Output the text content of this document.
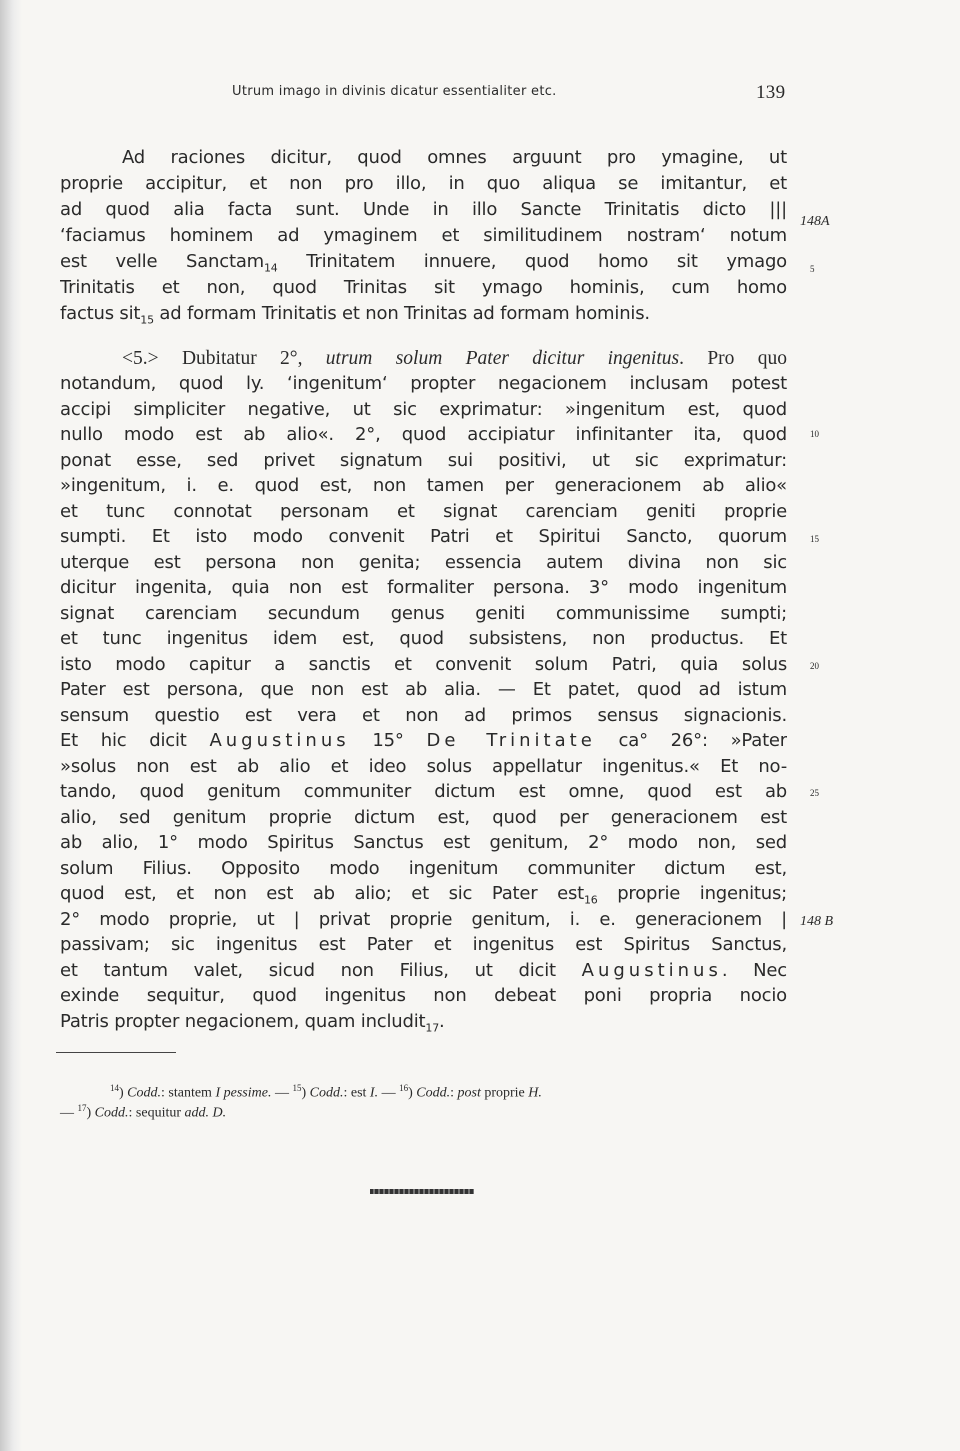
Utrum imago in divinis dicatur essentialiter etc.	139
Ad raciones dicitur, quod omnes arguunt pro ymagine, ut
proprie accipitur, et non pro illo, in quo aliqua se imitantur, et
ad quod alia facta sunt. Unde in illo Sancte Trinitatis dicto |||
‘faciamus hominem ad ymaginem et similitudinem nostram‘ notum
est velle Sanctam$_{14}$ Trinitatem innuere, quod homo sit ymago
Trinitatis et non, quod Trinitas sit ymago hominis, cum homo
factus sit$_{15}$ ad formam Trinitatis et non Trinitas ad formam hominis.
<5.> Dubitatur 2°, utrum solum Pater dicitur ingenitus. Pro quo
notandum, quod ly. ‘ingenitum‘ propter negacionem inclusam potest
accipi simpliciter negative, ut sic exprimatur: »ingenitum est, quod
nullo modo est ab alio«. 2°, quod accipiatur infinitanter ita, quod
ponat esse, sed privet signatum sui positivi, ut sic exprimatur:
»ingenitum, i. e. quod est, non tamen per generacionem ab alio«
et tunc connotat personam et signat carenciam geniti proprie
sumpti. Et isto modo convenit Patri et Spiritui Sancto, quorum
uterque est persona non genita; essencia autem divina non sic
dicitur ingenita, quia non est formaliter persona. 3° modo ingenitum
signat carenciam secundum genus geniti communissime sumpti;
et tunc ingenitus idem est, quod subsistens, non productus. Et
isto modo capitur a sanctis et convenit solum Patri, quia solus
Pater est persona, que non est ab alia. — Et patet, quod ad istum
sensum questio est vera et non ad primos sensus signacionis.
Et hic dicit Augustinus 15° De Trinitate ca° 26°: »Pater
»solus non est ab alio et ideo solus appellatur ingenitus.« Et no-
tando, quod genitum communiter dictum est omne, quod est ab
alio, sed genitum proprie dictum est, quod per generacionem est
ab alio, 1° modo Spiritus Sanctus est genitum, 2° modo non, sed
solum Filius. Opposito modo ingenitum communiter dictum est,
quod est, et non est ab alio; et sic Pater est$_{16}$ proprie ingenitus;
2° modo proprie, ut | privat proprie genitum, i. e. generacionem |
passivam; sic ingenitus est Pater et ingenitus est Spiritus Sanctus,
et tantum valet, sicud non Filius, ut dicit Augustinus. Nec
exinde sequitur, quod ingenitus non debeat poni propria nocio
Patris propter negacionem, quam includit$_{17}$.
148A
148 B
5
10
15
20
25
$^{14}$) Codd.: stantem I pessime. — $^{15}$) Codd.: est I. — $^{16}$) Codd.: post proprie H.
— $^{17}$) Codd.: sequitur add. D.
